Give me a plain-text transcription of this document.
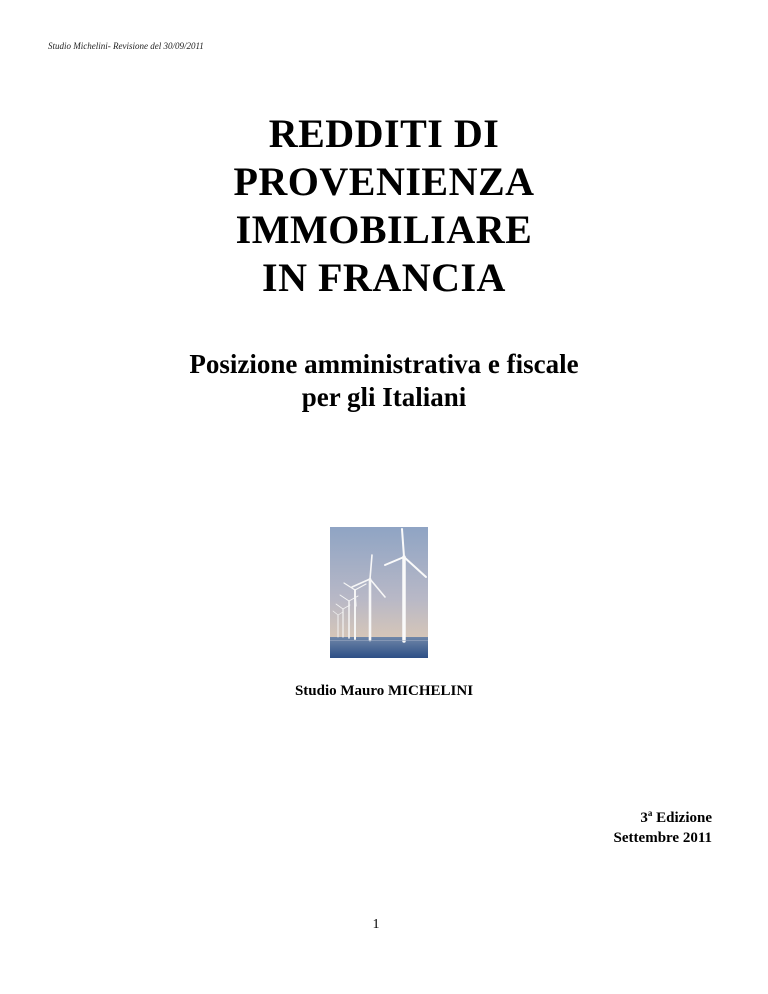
Studio Michelini- Revisione del 30/09/2011
REDDITI DI
PROVENIENZA
IMMOBILIARE
IN FRANCIA
Posizione amministrativa e fiscale
per gli Italiani
Studio Mauro MICHELINI
3$^a$ Edizione
Settembre 2011
1
